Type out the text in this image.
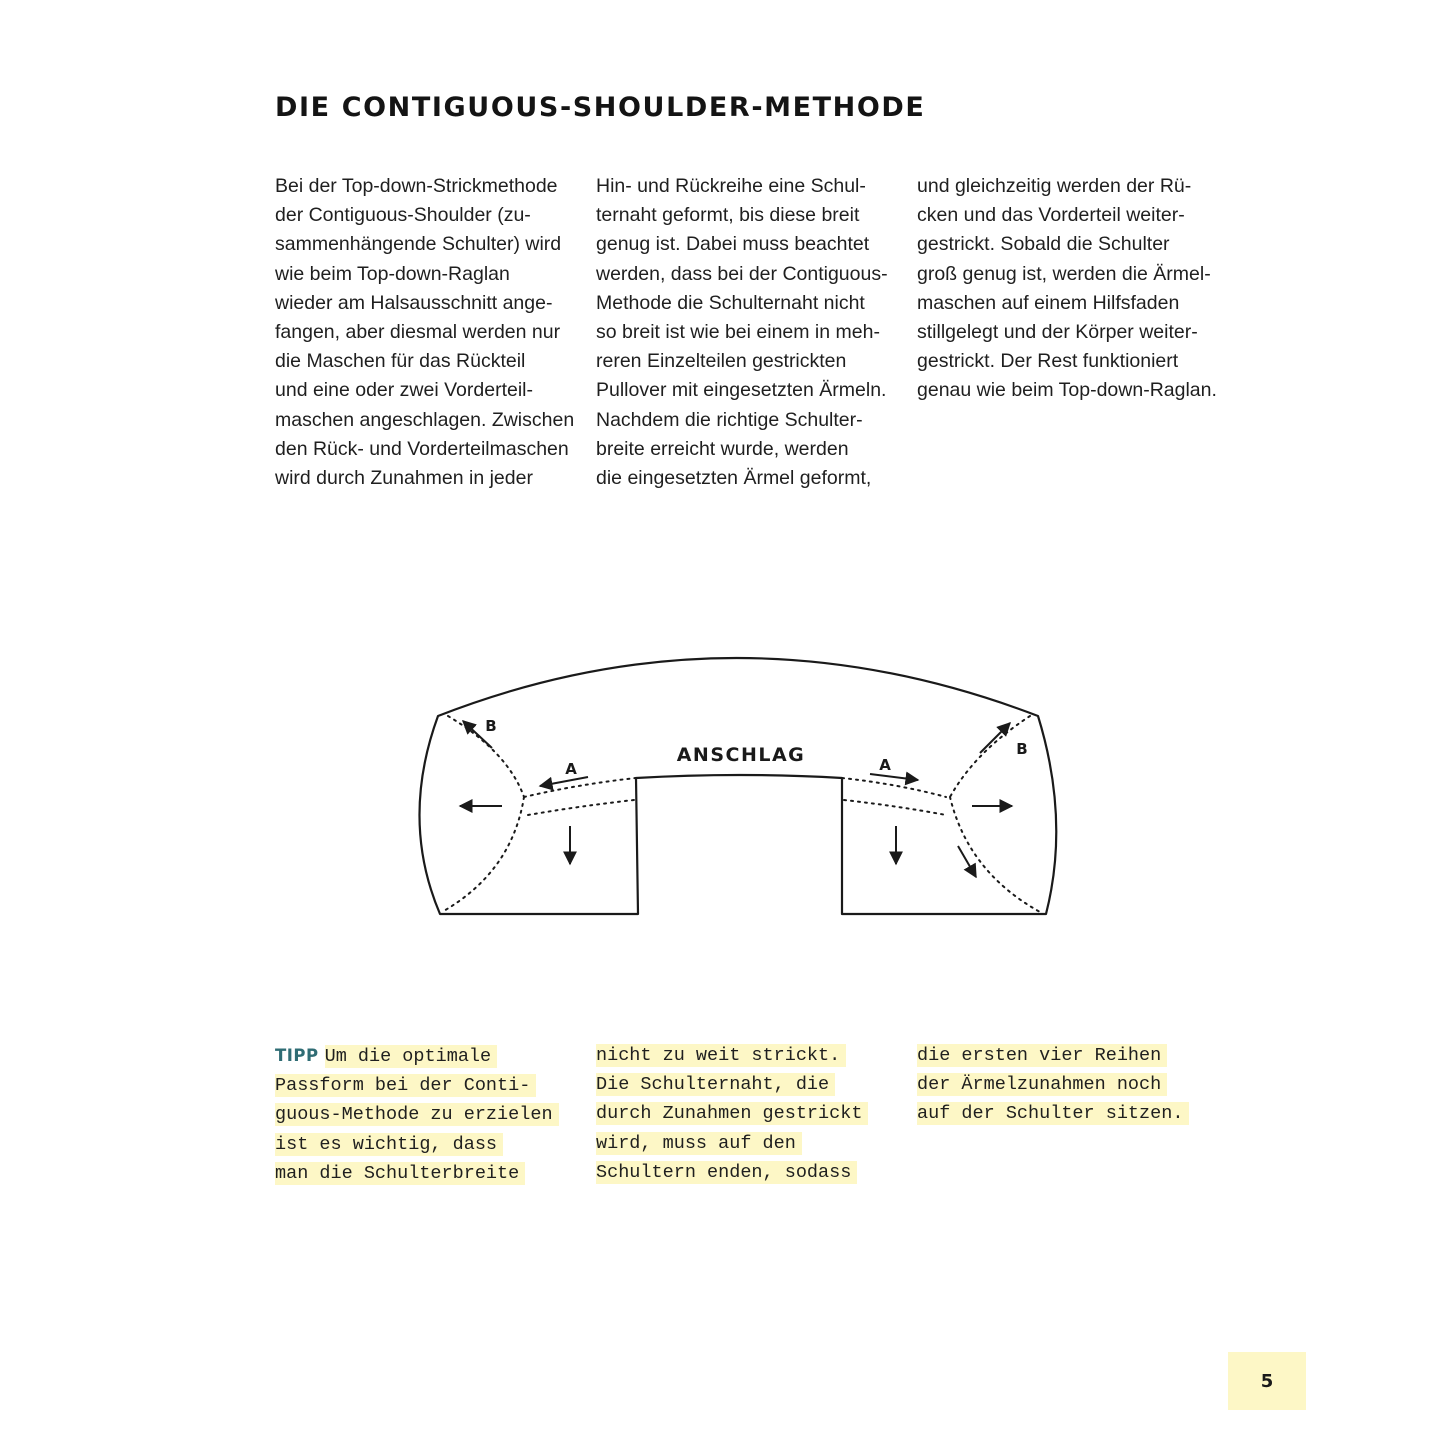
DIE CONTIGUOUS-SHOULDER-METHODE
Bei der Top-down-Strickmethode
der Contiguous-Shoulder (zu-
sammenhängende Schulter) wird
wie beim Top-down-Raglan
wieder am Halsausschnitt ange-
fangen, aber diesmal werden nur
die Maschen für das Rückteil
und eine oder zwei Vorderteil-
maschen angeschlagen. Zwischen
den Rück- und Vorderteilmaschen
wird durch Zunahmen in jeder
Hin- und Rückreihe eine Schul-
ternaht geformt, bis diese breit
genug ist. Dabei muss beachtet
werden, dass bei der Contiguous-
Methode die Schulternaht nicht
so breit ist wie bei einem in meh-
reren Einzelteilen gestrickten
Pullover mit eingesetzten Ärmeln.
Nachdem die richtige Schulter-
breite erreicht wurde, werden
die eingesetzten Ärmel geformt,
und gleichzeitig werden der Rü-
cken und das Vorderteil weiter-
gestrickt. Sobald die Schulter
groß genug ist, werden die Ärmel-
maschen auf einem Hilfsfaden
stillgelegt und der Körper weiter-
gestrickt. Der Rest funktioniert
genau wie beim Top-down-Raglan.
ANSCHLAG
A	A
B
B
TIPP Um die optimale
Passform bei der Conti-
guous-Methode zu erzielen
ist es wichtig, dass
man die Schulterbreite
nicht zu weit strickt.
Die Schulternaht, die
durch Zunahmen gestrickt
wird, muss auf den
Schultern enden, sodass
die ersten vier Reihen
der Ärmelzunahmen noch
auf der Schulter sitzen.
5
